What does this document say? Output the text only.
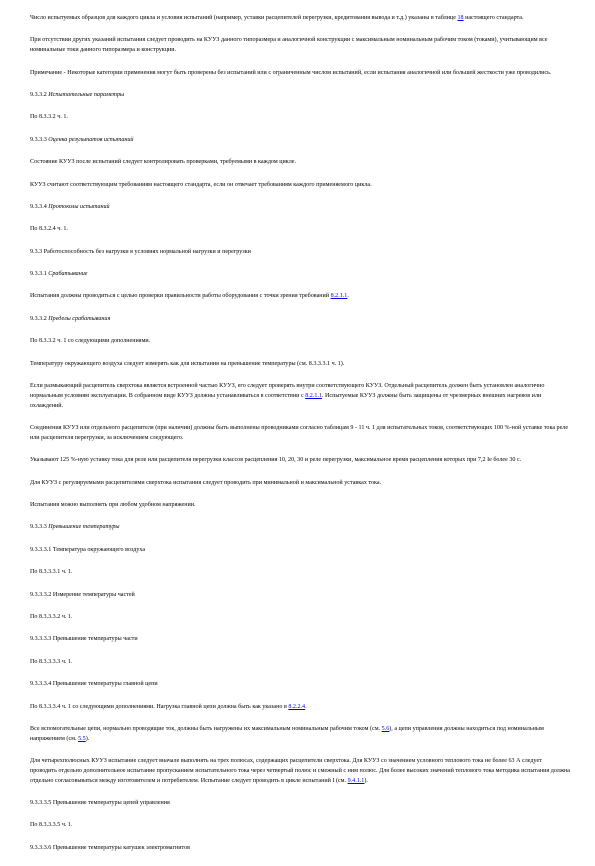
Число испытуемых образцов для каждого цикла и условия испытаний (например, уставки расцепителей перегрузки, кредитования вывода и т.д.) указаны в таблице 18 настоящего стандарта.

При отсутствии других указаний испытания следует проводить на КУУЗ данного типоразмера и аналогичной конструкции с максимальным номинальным рабочим током (токами), учитывающим все номинальные токи данного типоразмера и конструкции.

Примечание - Некоторые категории применения могут быть проверены без испытаний или с ограниченным числом испытаний, если испытания аналогичной или большей жесткости уже проводились.

9.3.3.2 Испытательные параметры

По 8.3.3.2 ч. 1.

9.3.3.3 Оценка результатов испытаний

Состояние КУУЗ после испытаний следует контролировать проверками, требуемыми в каждом цикле.

КУУЗ считают соответствующим требованиям настоящего стандарта, если он отвечает требованиям каждого применяемого цикла.

9.3.3.4 Протоколы испытаний

По 8.3.2.4 ч. 1.

9.3.3 Работоспособность без нагрузки в условиях нормальной нагрузки и перегрузки

9.3.3.1 Срабатывание

Испытания должны проводиться с целью проверки правильности работы оборудования с точки зрения требований 8.2.1.1.

9.3.3.2 Пределы срабатывания

По 8.3.3.2 ч. 1 со следующими дополнениями.

Температуру окружающего воздуха следует измерять как для испытания на превышение температуры (см. 8.3.3.3.1 ч. 1).

Если размыкающий расцепитель сверхтока является встроенной частью КУУЗ, его следует проверять внутри соответствующего КУУЗ. Отдельный расцепитель должен быть установлен аналогично нормальным условиям эксплуатации. В собранном виде КУУЗ должны устанавливаться в соответствии с 8.2.1.1. Испытуемые КУУЗ должны быть защищены от чрезмерных внешних нагревов или охлаждений.

Соединения КУУЗ или отдельного расцепителя (при наличии) должны быть выполнены проводниками согласно таблицам 9 - 11 ч. 1 для испытательных токов, соответствующих 100 %-ной уставке тока реле или расцепителя перегрузки, за исключением следующего.

Указывают 125 %-ную уставку тока для реле или расцепителя перегрузки классов расцепления 10, 20, 30 и реле перегрузки, максимальное время расцепления которых при 7,2 Iе более 30 с.

Для КУУЗ с регулируемыми расцепителями сверхтока испытания следует проводить при минимальной и максимальной уставках тока.

Испытания можно выполнять при любом удобном напряжении.

9.3.3.3 Превышение температуры

9.3.3.3.1 Температура окружающего воздуха

По 8.3.3.3.1 ч. 1.

9.3.3.3.2 Измерение температуры частей

По 8.3.3.3.2 ч. 1.

9.3.3.3.3 Превышение температуры части

По 8.3.3.3.3 ч. 1.

9.3.3.3.4 Превышение температуры главной цепи

По 8.3.3.3.4 ч. 1 со следующими дополнениями. Нагрузка главной цепи должна быть как указано в 8.2.2.4.

Все вспомогательные цепи, нормально проводящие ток, должны быть нагружены их максимальным номинальным рабочим током (см. 5.6), а цепи управления должны находиться под номинальным напряжением (см. 5.5).

Для четырехполюсных КУУЗ испытание следует вначале выполнять на трех полюсах, содержащих расцепители сверхтока. Для КУУЗ со значением условного теплового тока не более 63 А следует проводить отдельно дополнительное испытание пропусканием испытательного тока через четвертый полюс и смежный с ним полюс. Для более высоких значений теплового тока методика испытания должна отдельно согласовываться между изготовителем и потребителем. Испытание следует проводить в цикле испытаний I (см. 9.4.1.1).

9.3.3.3.5 Превышение температуры цепей управления

По 8.3.3.3.5 ч. 1.

9.3.3.3.6 Превышение температуры катушек электромагнитов
